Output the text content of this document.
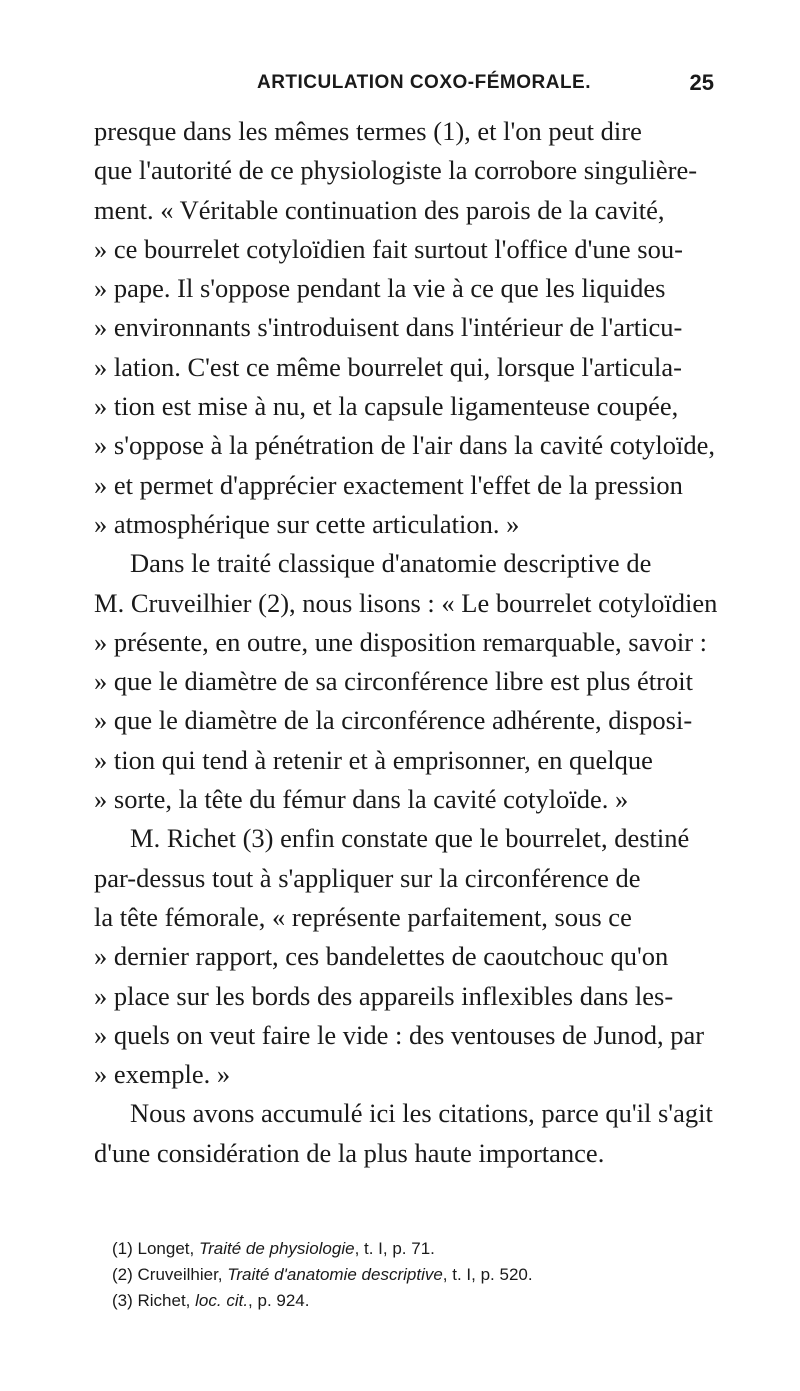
ARTICULATION COXO-FÉMORALE.	25
presque dans les mêmes termes (1), et l'on peut dire
que l'autorité de ce physiologiste la corrobore singulière-
ment. « Véritable continuation des parois de la cavité,
» ce bourrelet cotyloïdien fait surtout l'office d'une sou-
» pape. Il s'oppose pendant la vie à ce que les liquides
» environnants s'introduisent dans l'intérieur de l'articu-
» lation. C'est ce même bourrelet qui, lorsque l'articula-
» tion est mise à nu, et la capsule ligamenteuse coupée,
» s'oppose à la pénétration de l'air dans la cavité cotyloïde,
» et permet d'apprécier exactement l'effet de la pression
» atmosphérique sur cette articulation. »
Dans le traité classique d'anatomie descriptive de
M. Cruveilhier (2), nous lisons : « Le bourrelet cotyloïdien
» présente, en outre, une disposition remarquable, savoir :
» que le diamètre de sa circonférence libre est plus étroit
» que le diamètre de la circonférence adhérente, disposi-
» tion qui tend à retenir et à emprisonner, en quelque
» sorte, la tête du fémur dans la cavité cotyloïde. »
M. Richet (3) enfin constate que le bourrelet, destiné
par-dessus tout à s'appliquer sur la circonférence de
la tête fémorale, « représente parfaitement, sous ce
» dernier rapport, ces bandelettes de caoutchouc qu'on
» place sur les bords des appareils inflexibles dans les-
» quels on veut faire le vide : des ventouses de Junod, par
» exemple. »
Nous avons accumulé ici les citations, parce qu'il s'agit
d'une considération de la plus haute importance.
(1) Longet, Traité de physiologie, t. I, p. 71.
(2) Cruveilhier, Traité d'anatomie descriptive, t. I, p. 520.
(3) Richet, loc. cit., p. 924.
